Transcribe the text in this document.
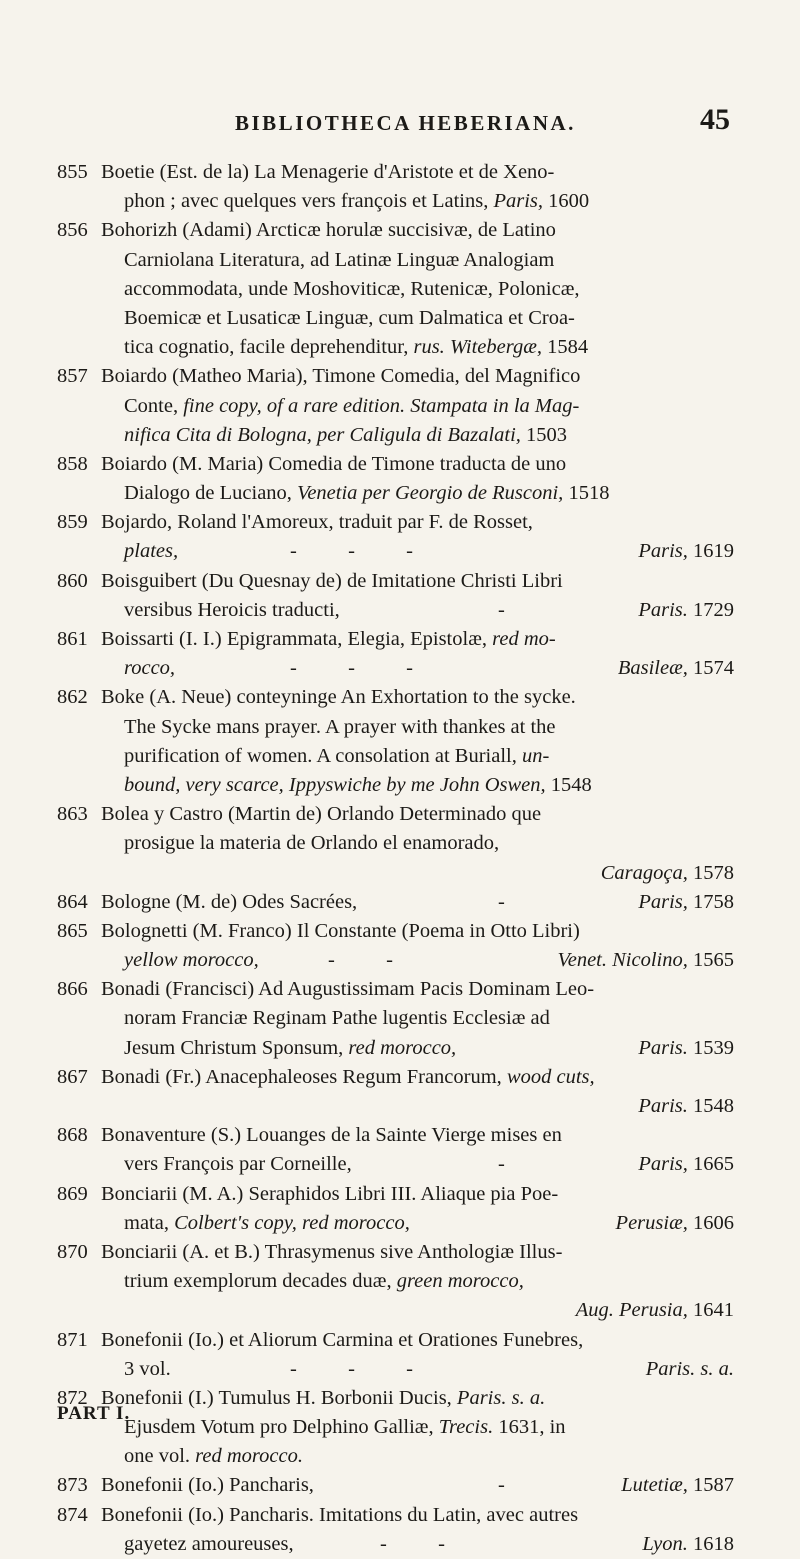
BIBLIOTHECA HEBERIANA.	45
855 Boetie (Est. de la) La Menagerie d'Aristote et de Xeno-
phon ; avec quelques vers françois et Latins, Paris, 1600
856 Bohorizh (Adami) Arcticæ horulæ succisivæ, de Latino
Carniolana Literatura, ad Latinæ Linguæ Analogiam
accommodata, unde Moshoviticæ, Rutenicæ, Polonicæ,
Boemicæ et Lusaticæ Linguæ, cum Dalmatica et Croa-
tica cognatio, facile deprehenditur, rus. Witebergæ, 1584
857 Boiardo (Matheo Maria), Timone Comedia, del Magnifico
Conte, fine copy, of a rare edition. Stampata in la Mag-
nifica Cita di Bologna, per Caligula di Bazalati, 1503
858 Boiardo (M. Maria) Comedia de Timone traducta de uno
Dialogo de Luciano, Venetia per Georgio de Rusconi, 1518
859 Bojardo, Roland l'Amoreux, traduit par F. de Rosset,
plates,	-          -          -	Paris, 1619
860 Boisguibert (Du Quesnay de) de Imitatione Christi Libri
versibus Heroicis traducti,	-	Paris. 1729
861 Boissarti (I. I.) Epigrammata, Elegia, Epistolæ, red mo-
rocco,	-          -          -	Basileæ, 1574
862 Boke (A. Neue) conteyninge An Exhortation to the sycke.
The Sycke mans prayer. A prayer with thankes at the
purification of women. A consolation at Buriall, un-
bound, very scarce, Ippyswiche by me John Oswen, 1548
863 Bolea y Castro (Martin de) Orlando Determinado que
prosigue la materia de Orlando el enamorado,
Caragoça, 1578
864 Bologne (M. de) Odes Sacrées,	-	Paris, 1758
865 Bolognetti (M. Franco) Il Constante (Poema in Otto Libri)
yellow morocco,	-          -	Venet. Nicolino, 1565
866 Bonadi (Francisci) Ad Augustissimam Pacis Dominam Leo-
noram Franciæ Reginam Pathe lugentis Ecclesiæ ad
Jesum Christum Sponsum, red morocco,	Paris. 1539
867 Bonadi (Fr.) Anacephaleoses Regum Francorum, wood cuts,
Paris. 1548
868 Bonaventure (S.) Louanges de la Sainte Vierge mises en
vers François par Corneille,	-	Paris, 1665
869 Bonciarii (M. A.) Seraphidos Libri III. Aliaque pia Poe-
mata, Colbert's copy, red morocco,	Perusiæ, 1606
870 Bonciarii (A. et B.) Thrasymenus sive Anthologiæ Illus-
trium exemplorum decades duæ, green morocco,
Aug. Perusia, 1641
871 Bonefonii (Io.) et Aliorum Carmina et Orationes Funebres,
3 vol.	-          -          -	Paris. s. a.
872 Bonefonii (I.) Tumulus H. Borbonii Ducis, Paris. s. a.
Ejusdem Votum pro Delphino Galliæ, Trecis. 1631, in
one vol. red morocco.
873 Bonefonii (Io.) Pancharis,	-	Lutetiæ, 1587
874 Bonefonii (Io.) Pancharis. Imitations du Latin, avec autres
gayetez amoureuses,	-          -	Lyon. 1618
PART I.
